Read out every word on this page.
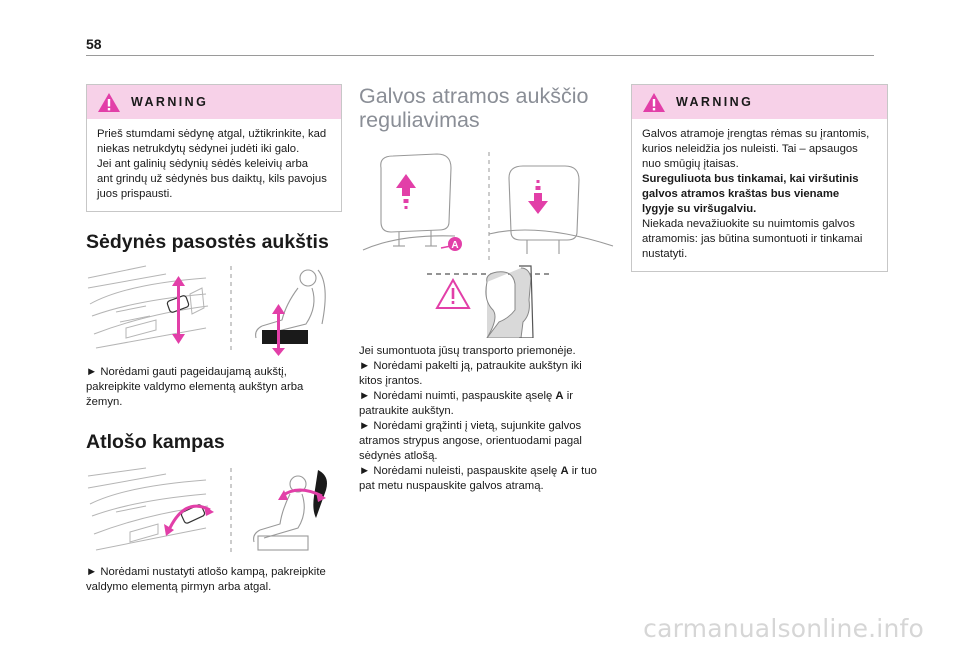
58
WARNING

Prieš stumdami sėdynę atgal, užtikrinkite, kad

niekas netrukdytų sėdynei judėti iki galo.

Jei ant galinių sėdynių sėdės keleivių arba

ant grindų už sėdynės bus daiktų, kils pavojus

juos prispausti.

Sėdynės pasostės aukštis

► Norėdami gauti pageidaujamą aukštį,

pakreipkite valdymo elementą aukštyn arba

žemyn.

Atlošo kampas

► Norėdami nustatyti atlošo kampą, pakreipkite

valdymo elementą pirmyn arba atgal.

Galvos atramos aukščio
reguliavimas
A

Jei sumontuota jūsų transporto priemonėje.

► Norėdami pakelti ją, patraukite aukštyn iki

kitos įrantos.

► Norėdami nuimti, paspauskite ąselę A ir

patraukite aukštyn.

► Norėdami grąžinti į vietą, sujunkite galvos

atramos strypus angose, orientuodami pagal

sėdynės atlošą.

► Norėdami nuleisti, paspauskite ąselę A ir tuo

pat metu nuspauskite galvos atramą.

WARNING

Galvos atramoje įrengtas rėmas su įrantomis,

kurios neleidžia jos nuleisti. Tai – apsaugos

nuo smūgių įtaisas.

Sureguliuota bus tinkamai, kai viršutinis

galvos atramos kraštas bus viename

lygyje su viršugalviu.

Niekada nevažiuokite su nuimtomis galvos

atramomis: jas būtina sumontuoti ir tinkamai

nustatyti.

carmanualsonline.info
